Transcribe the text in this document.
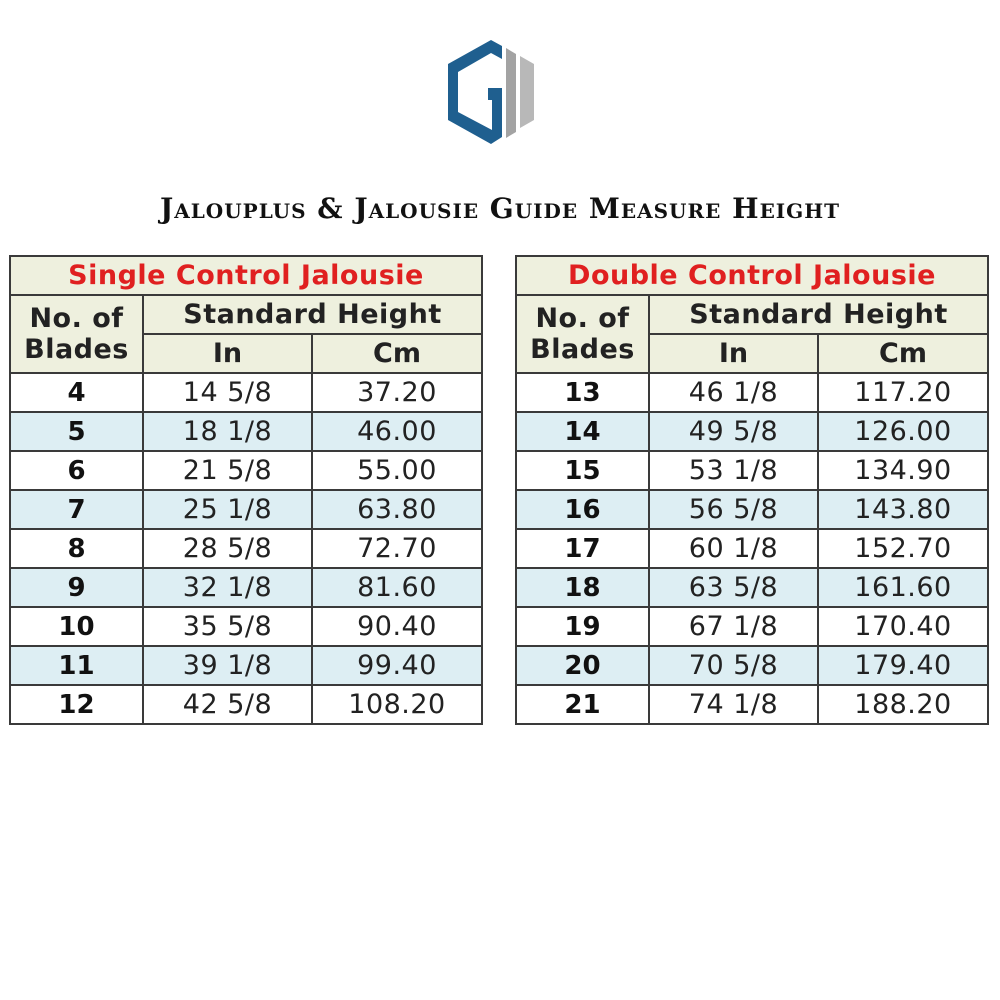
Jalouplus & Jalousie Guide Measure Height
Single Control Jalousie		
No. of
Blades	Standard Height	
	In	Cm
4	14 5/8	37.20
5	18 1/8	46.00
6	21 5/8	55.00
7	25 1/8	63.80
8	28 5/8	72.70
9	32 1/8	81.60
10	35 5/8	90.40
11	39 1/8	99.40
12	42 5/8	108.20
Double Control Jalousie		
No. of
Blades	Standard Height	
	In	Cm
13	46 1/8	117.20
14	49 5/8	126.00
15	53 1/8	134.90
16	56 5/8	143.80
17	60 1/8	152.70
18	63 5/8	161.60
19	67 1/8	170.40
20	70 5/8	179.40
21	74 1/8	188.20
